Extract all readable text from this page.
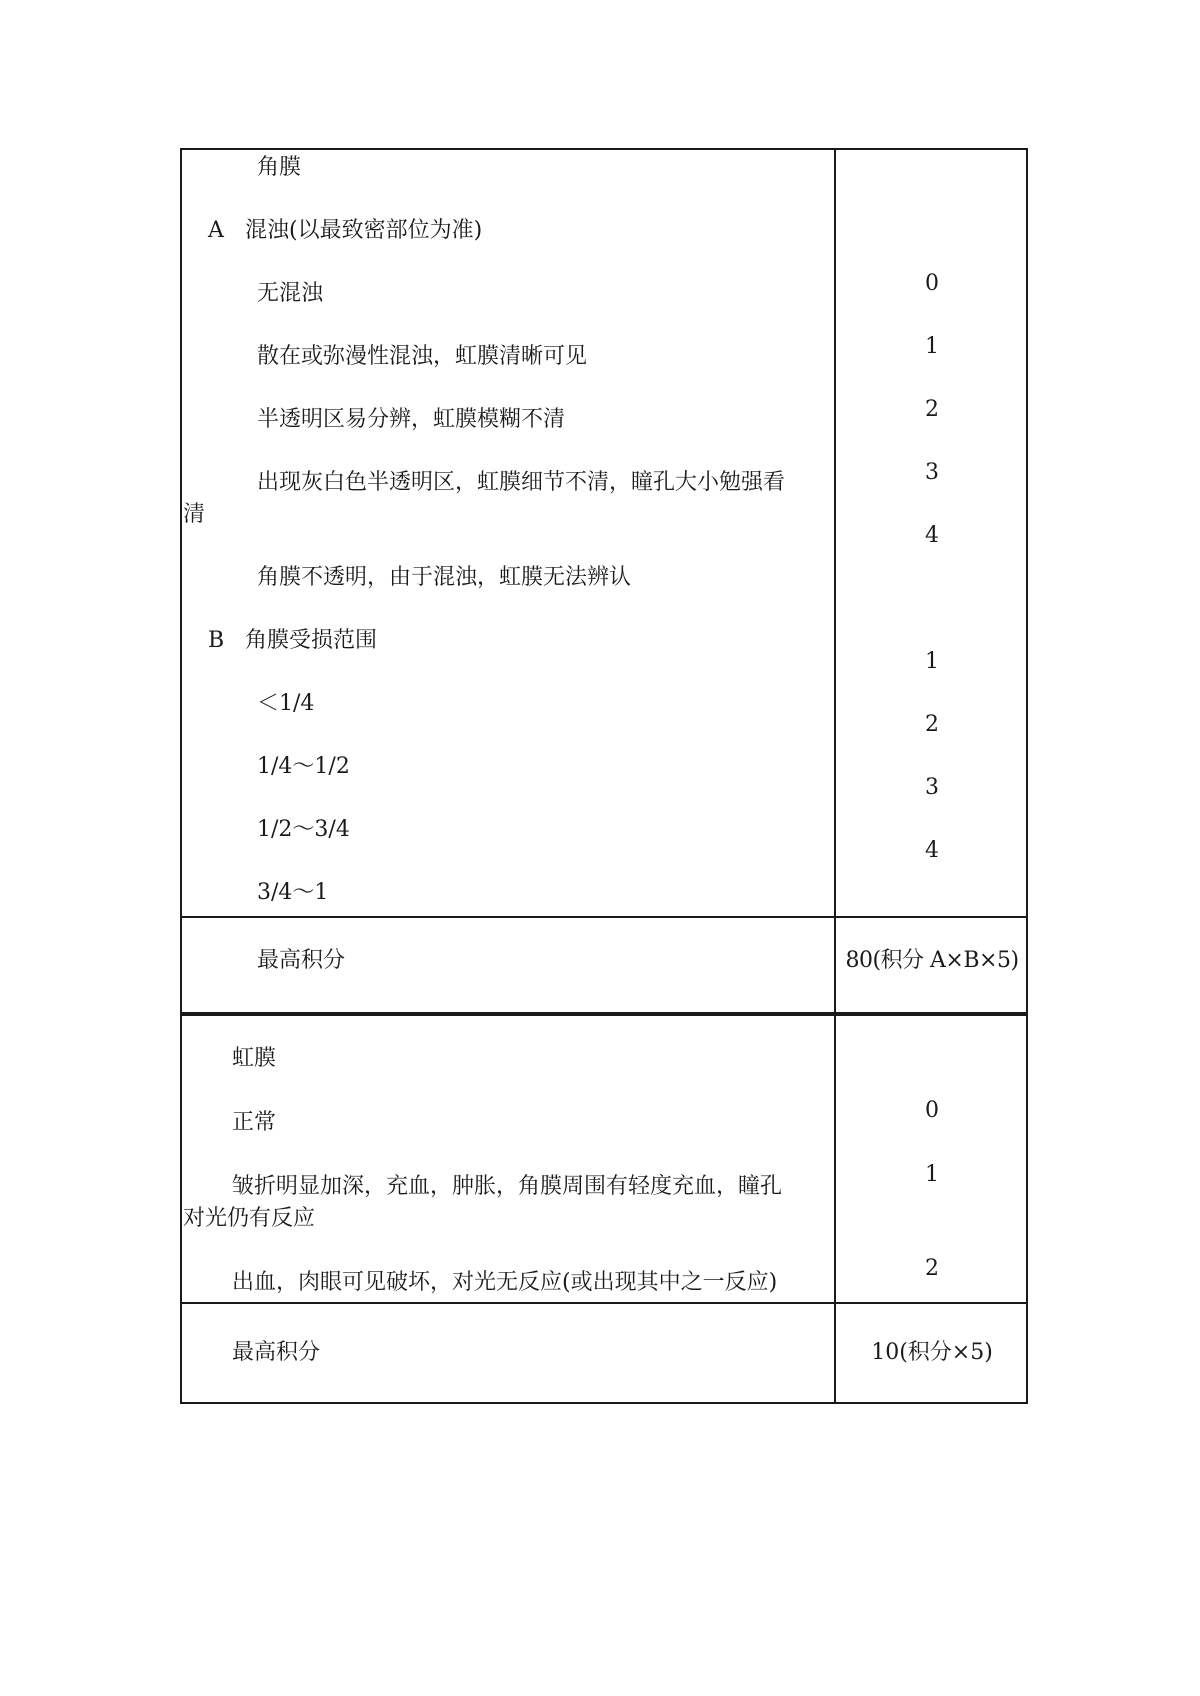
角膜
A 混浊(以最致密部位为准)
无混浊
散在或弥漫性混浊，虹膜清晰可见
半透明区易分辨，虹膜模糊不清
出现灰白色半透明区，虹膜细节不清，瞳孔大小勉强看
清
角膜不透明，由于混浊，虹膜无法辨认
B 角膜受损范围
＜1/4
1/4～1/2
1/2～3/4
3/4～1
0
1
2
3
4
1
2
3
4
最高积分	80(积分 A×B×5)
虹膜
正常
皱折明显加深，充血，肿胀，角膜周围有轻度充血，瞳孔
对光仍有反应
出血，肉眼可见破坏，对光无反应(或出现其中之一反应)
0
1
2
最高积分	10(积分×5)
